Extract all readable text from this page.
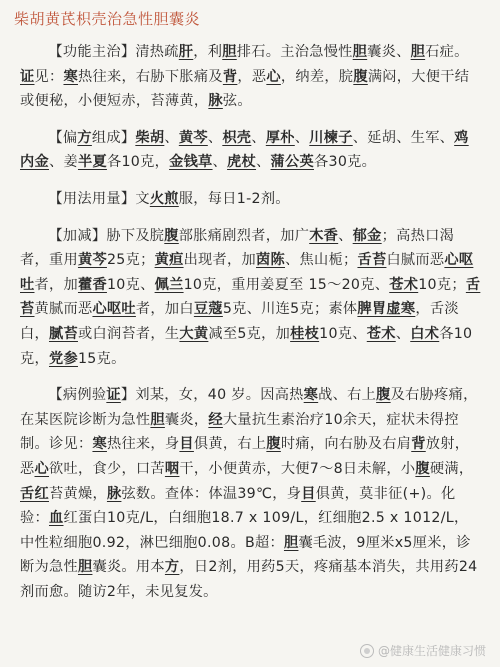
柴胡黄芪枳壳治急性胆囊炎

【功能主治】清热疏肝，利胆排石。主治急慢性胆囊炎、胆石症。证见：寒热往来，右胁下胀痛及背，恶心，纳差，脘腹满闷，大便干结或便秘，小便短赤，苔薄黄，脉弦。

【偏方组成】柴胡、黄芩、枳壳、厚朴、川楝子、延胡、生军、鸡内金、姜半夏各10克，金钱草、虎杖、蒲公英各30克。

【用法用量】文火煎服，每日1-2剂。

【加减】胁下及脘腹部胀痛剧烈者，加广木香、郁金；高热口渴者，重用黄芩25克；黄疸出现者，加茵陈、焦山栀；舌苔白腻而恶心呕吐者，加藿香10克、佩兰10克，重用姜夏至 15～20克、苍术10克；舌苔黄腻而恶心呕吐者，加白豆蔻5克、川连5克；素体脾胃虚寒，舌淡白，腻苔或白润苔者，生大黄减至5克，加桂枝10克、苍术、白术各10克，党参15克。

【病例验证】刘某，女，40 岁。因高热寒战、右上腹及右胁疼痛，在某医院诊断为急性胆囊炎，经大量抗生素治疗10余天，症状未得控制。诊见：寒热往来，身目俱黄，右上腹时痛，向右胁及右肩背放射，恶心欲吐，食少，口苦咽干，小便黄赤，大便7～8日未解，小腹硬满，舌红苔黄燥，脉弦数。查体：体温39℃，身目俱黄，莫非征(+)。化验：血红蛋白10克/L，白细胞18.7 x 109/L，红细胞2.5 x 1012/L，中性粒细胞0.92，淋巴细胞0.08。B超：胆囊毛波，9厘米x5厘米，诊断为急性胆囊炎。用本方，日2剂，用药5天，疼痛基本消失，共用药24剂而愈。随访2年，未见复发。

@健康生活健康习惯
